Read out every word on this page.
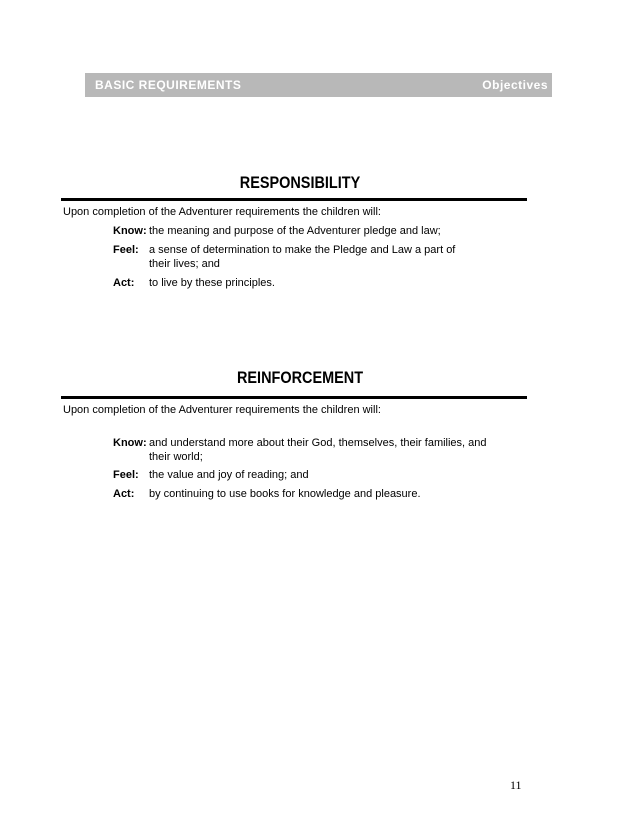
BASIC REQUIREMENTS	Objectives
RESPONSIBILITY
Upon completion of the Adventurer requirements the children will:
Know: the meaning and purpose of the Adventurer pledge and law;
Feel: a sense of determination to make the Pledge and Law a part of their lives; and
Act:	to live by these principles.
REINFORCEMENT
Upon completion of the Adventurer requirements the children will:
Know: and understand more about their God, themselves, their families, and their world;
Feel: the value and joy of reading; and
Act:	by continuing to use books for knowledge and pleasure.
11
